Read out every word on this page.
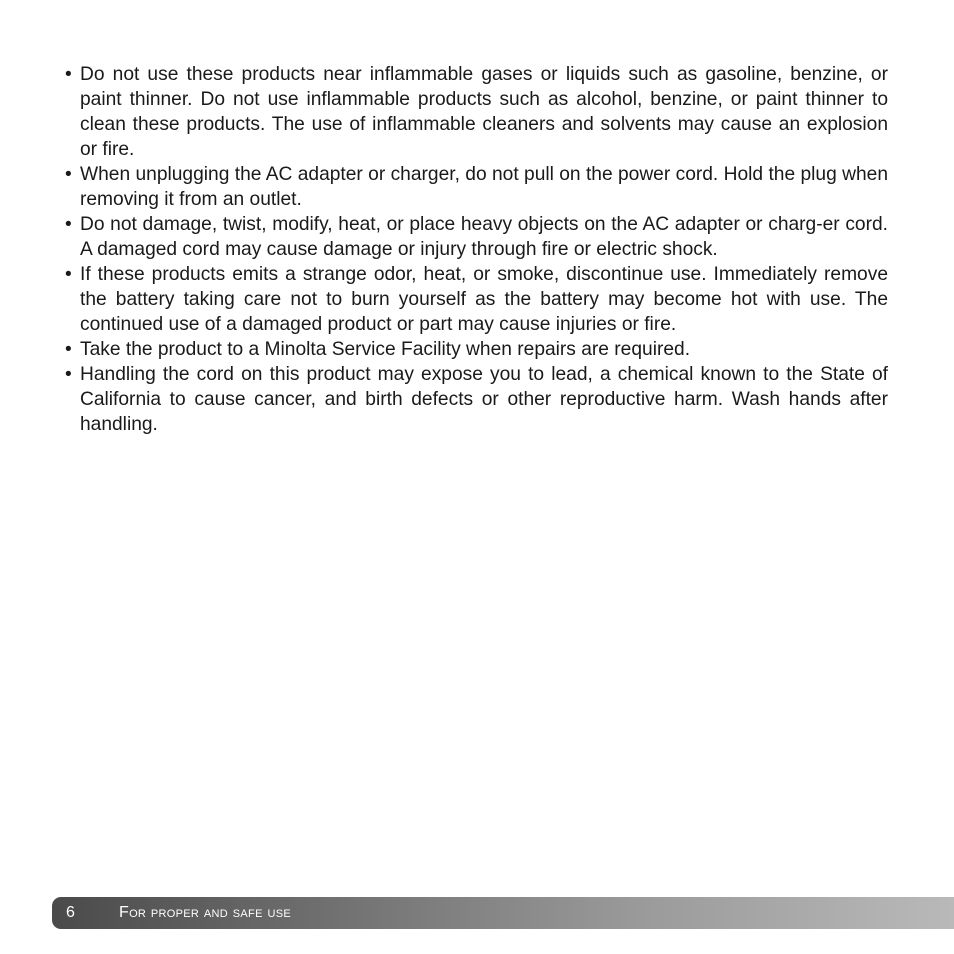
• Do not use these products near inflammable gases or liquids such as gasoline, benzine, or paint thinner. Do not use inflammable products such as alcohol, benzine, or paint thinner to clean these products. The use of inflammable cleaners and solvents may cause an explosion or fire.
• When unplugging the AC adapter or charger, do not pull on the power cord. Hold the plug when removing it from an outlet.
• Do not damage, twist, modify, heat, or place heavy objects on the AC adapter or charg-er cord. A damaged cord may cause damage or injury through fire or electric shock.
• If these products emits a strange odor, heat, or smoke, discontinue use. Immediately remove the battery taking care not to burn yourself as the battery may become hot with use. The continued use of a damaged product or part may cause injuries or fire.
• Take the product to a Minolta Service Facility when repairs are required.
• Handling the cord on this product may expose you to lead, a chemical known to the State of California to cause cancer, and birth defects or other reproductive harm. Wash hands after handling.
6	For proper and safe use
